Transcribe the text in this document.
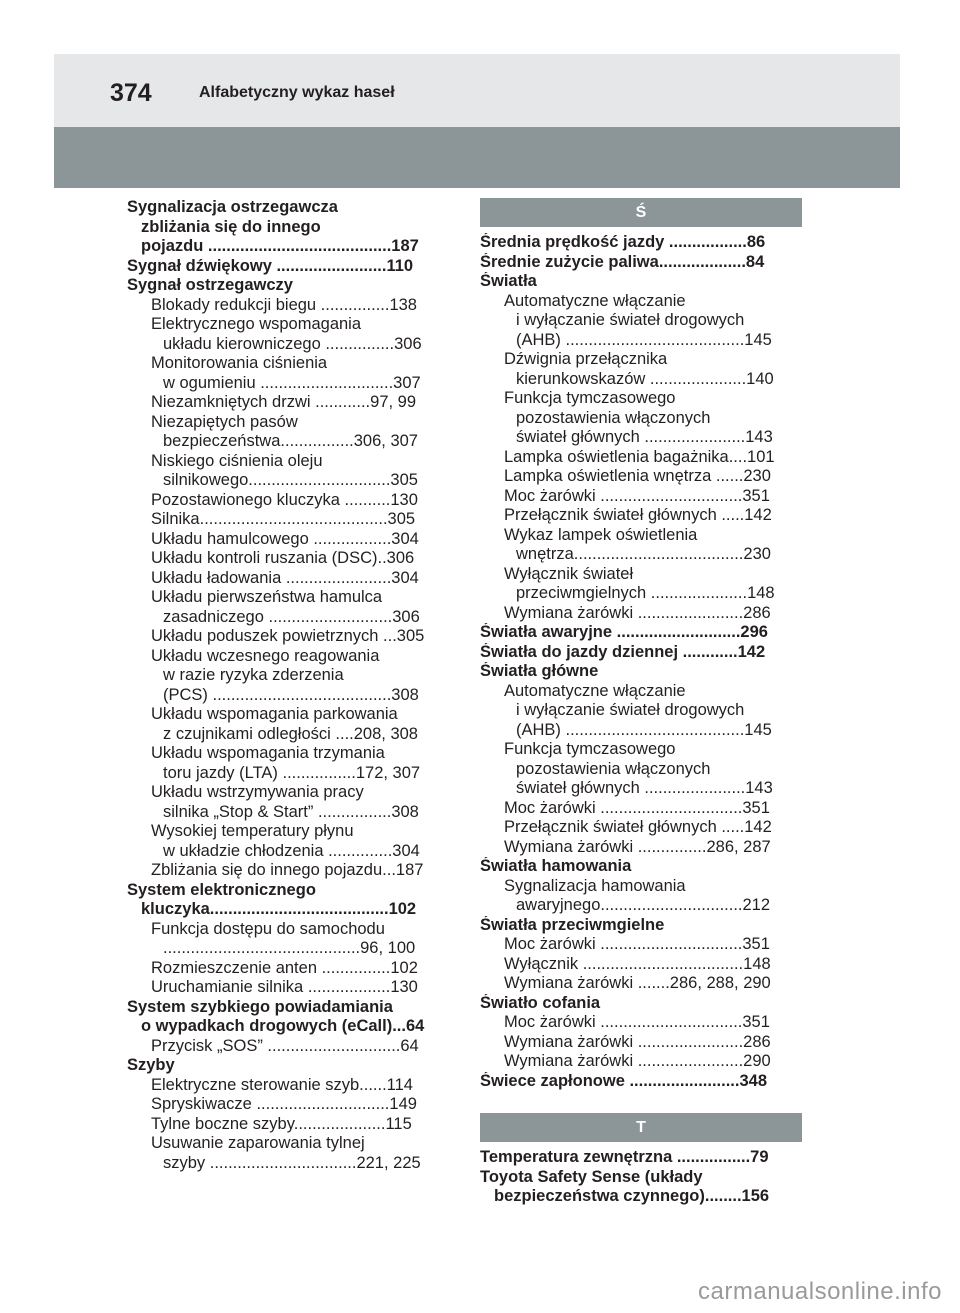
374	Alfabetyczny wykaz haseł
Sygnalizacja ostrzegawcza
zbliżania się do innego
pojazdu ........................................187
Sygnał dźwiękowy ........................110
Sygnał ostrzegawczy
Blokady redukcji biegu ...............138
Elektrycznego wspomagania
układu kierowniczego ...............306
Monitorowania ciśnienia
w ogumieniu .............................307
Niezamkniętych drzwi ............97, 99
Niezapiętych pasów
bezpieczeństwa................306, 307
Niskiego ciśnienia oleju
silnikowego...............................305
Pozostawionego kluczyka ..........130
Silnika.........................................305
Układu hamulcowego .................304
Układu kontroli ruszania (DSC)..306
Układu ładowania .......................304
Układu pierwszeństwa hamulca
zasadniczego ...........................306
Układu poduszek powietrznych ...305
Układu wczesnego reagowania
w razie ryzyka zderzenia
(PCS) .......................................308
Układu wspomagania parkowania
z czujnikami odległości ....208, 308
Układu wspomagania trzymania
toru jazdy (LTA) ................172, 307
Układu wstrzymywania pracy
silnika „Stop & Start” ................308
Wysokiej temperatury płynu
w układzie chłodzenia ..............304
Zbliżania się do innego pojazdu...187
System elektronicznego
kluczyka.......................................102
Funkcja dostępu do samochodu
...........................................96, 100
Rozmieszczenie anten ...............102
Uruchamianie silnika ..................130
System szybkiego powiadamiania
o wypadkach drogowych (eCall)...64
Przycisk „SOS” .............................64
Szyby
Elektryczne sterowanie szyb......114
Spryskiwacze .............................149
Tylne boczne szyby....................115
Usuwanie zaparowania tylnej
szyby ................................221, 225
Ś
Średnia prędkość jazdy .................86
Średnie zużycie paliwa...................84
Światła
Automatyczne włączanie
i wyłączanie świateł drogowych
(AHB) .......................................145
Dźwignia przełącznika
kierunkowskazów .....................140
Funkcja tymczasowego
pozostawienia włączonych
świateł głównych ......................143
Lampka oświetlenia bagażnika....101
Lampka oświetlenia wnętrza ......230
Moc żarówki ...............................351
Przełącznik świateł głównych .....142
Wykaz lampek oświetlenia
wnętrza.....................................230
Wyłącznik świateł
przeciwmgielnych .....................148
Wymiana żarówki .......................286
Światła awaryjne ...........................296
Światła do jazdy dziennej ............142
Światła główne
Automatyczne włączanie
i wyłączanie świateł drogowych
(AHB) .......................................145
Funkcja tymczasowego
pozostawienia włączonych
świateł głównych ......................143
Moc żarówki ...............................351
Przełącznik świateł głównych .....142
Wymiana żarówki ...............286, 287
Światła hamowania
Sygnalizacja hamowania
awaryjnego...............................212
Światła przeciwmgielne
Moc żarówki ...............................351
Wyłącznik ...................................148
Wymiana żarówki .......286, 288, 290
Światło cofania
Moc żarówki ...............................351
Wymiana żarówki .......................286
Wymiana żarówki .......................290
Świece zapłonowe ........................348
T
Temperatura zewnętrzna ................79
Toyota Safety Sense (układy
bezpieczeństwa czynnego)........156
carmanualsonline.info
